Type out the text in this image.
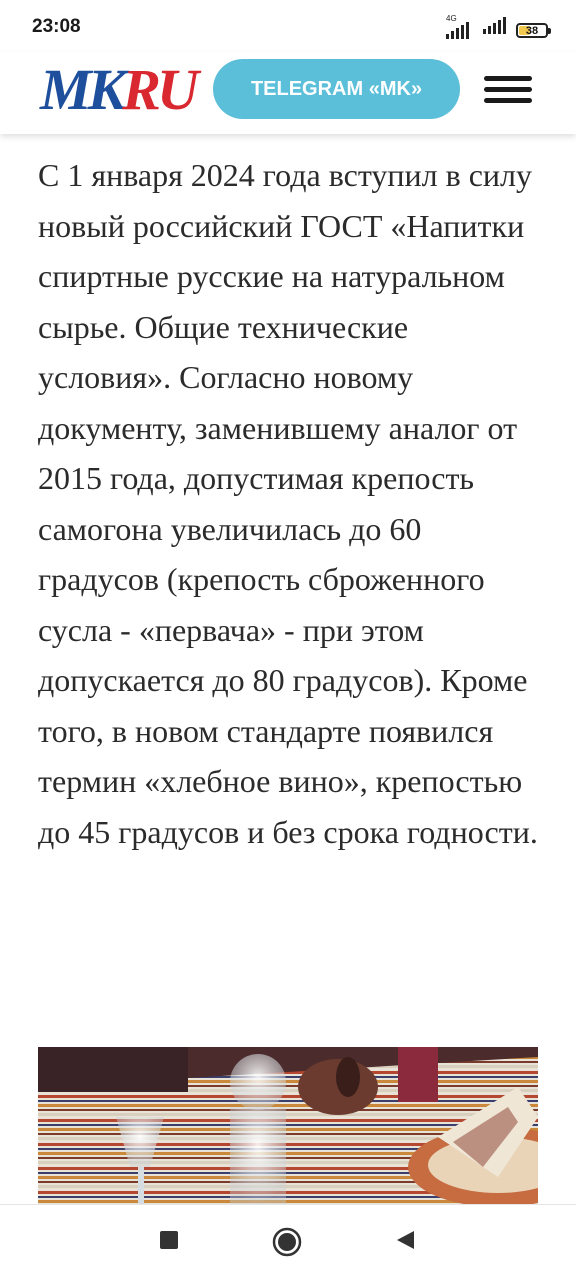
23:08	4G
38
MK RU	TELEGRAM «MK»
С 1 января 2024 года вступил в силу новый российский ГОСТ «Напитки спиртные русские на натуральном сырье. Общие технические условия». Согласно новому документу, заменившему аналог от 2015 года, допустимая крепость самогона увеличилась до 60 градусов (крепость сброженного сусла - «первача» - при этом допускается до 80 градусов). Кроме того, в новом стандарте появился термин «хлебное вино», крепостью до 45 градусов и без срока годности.
